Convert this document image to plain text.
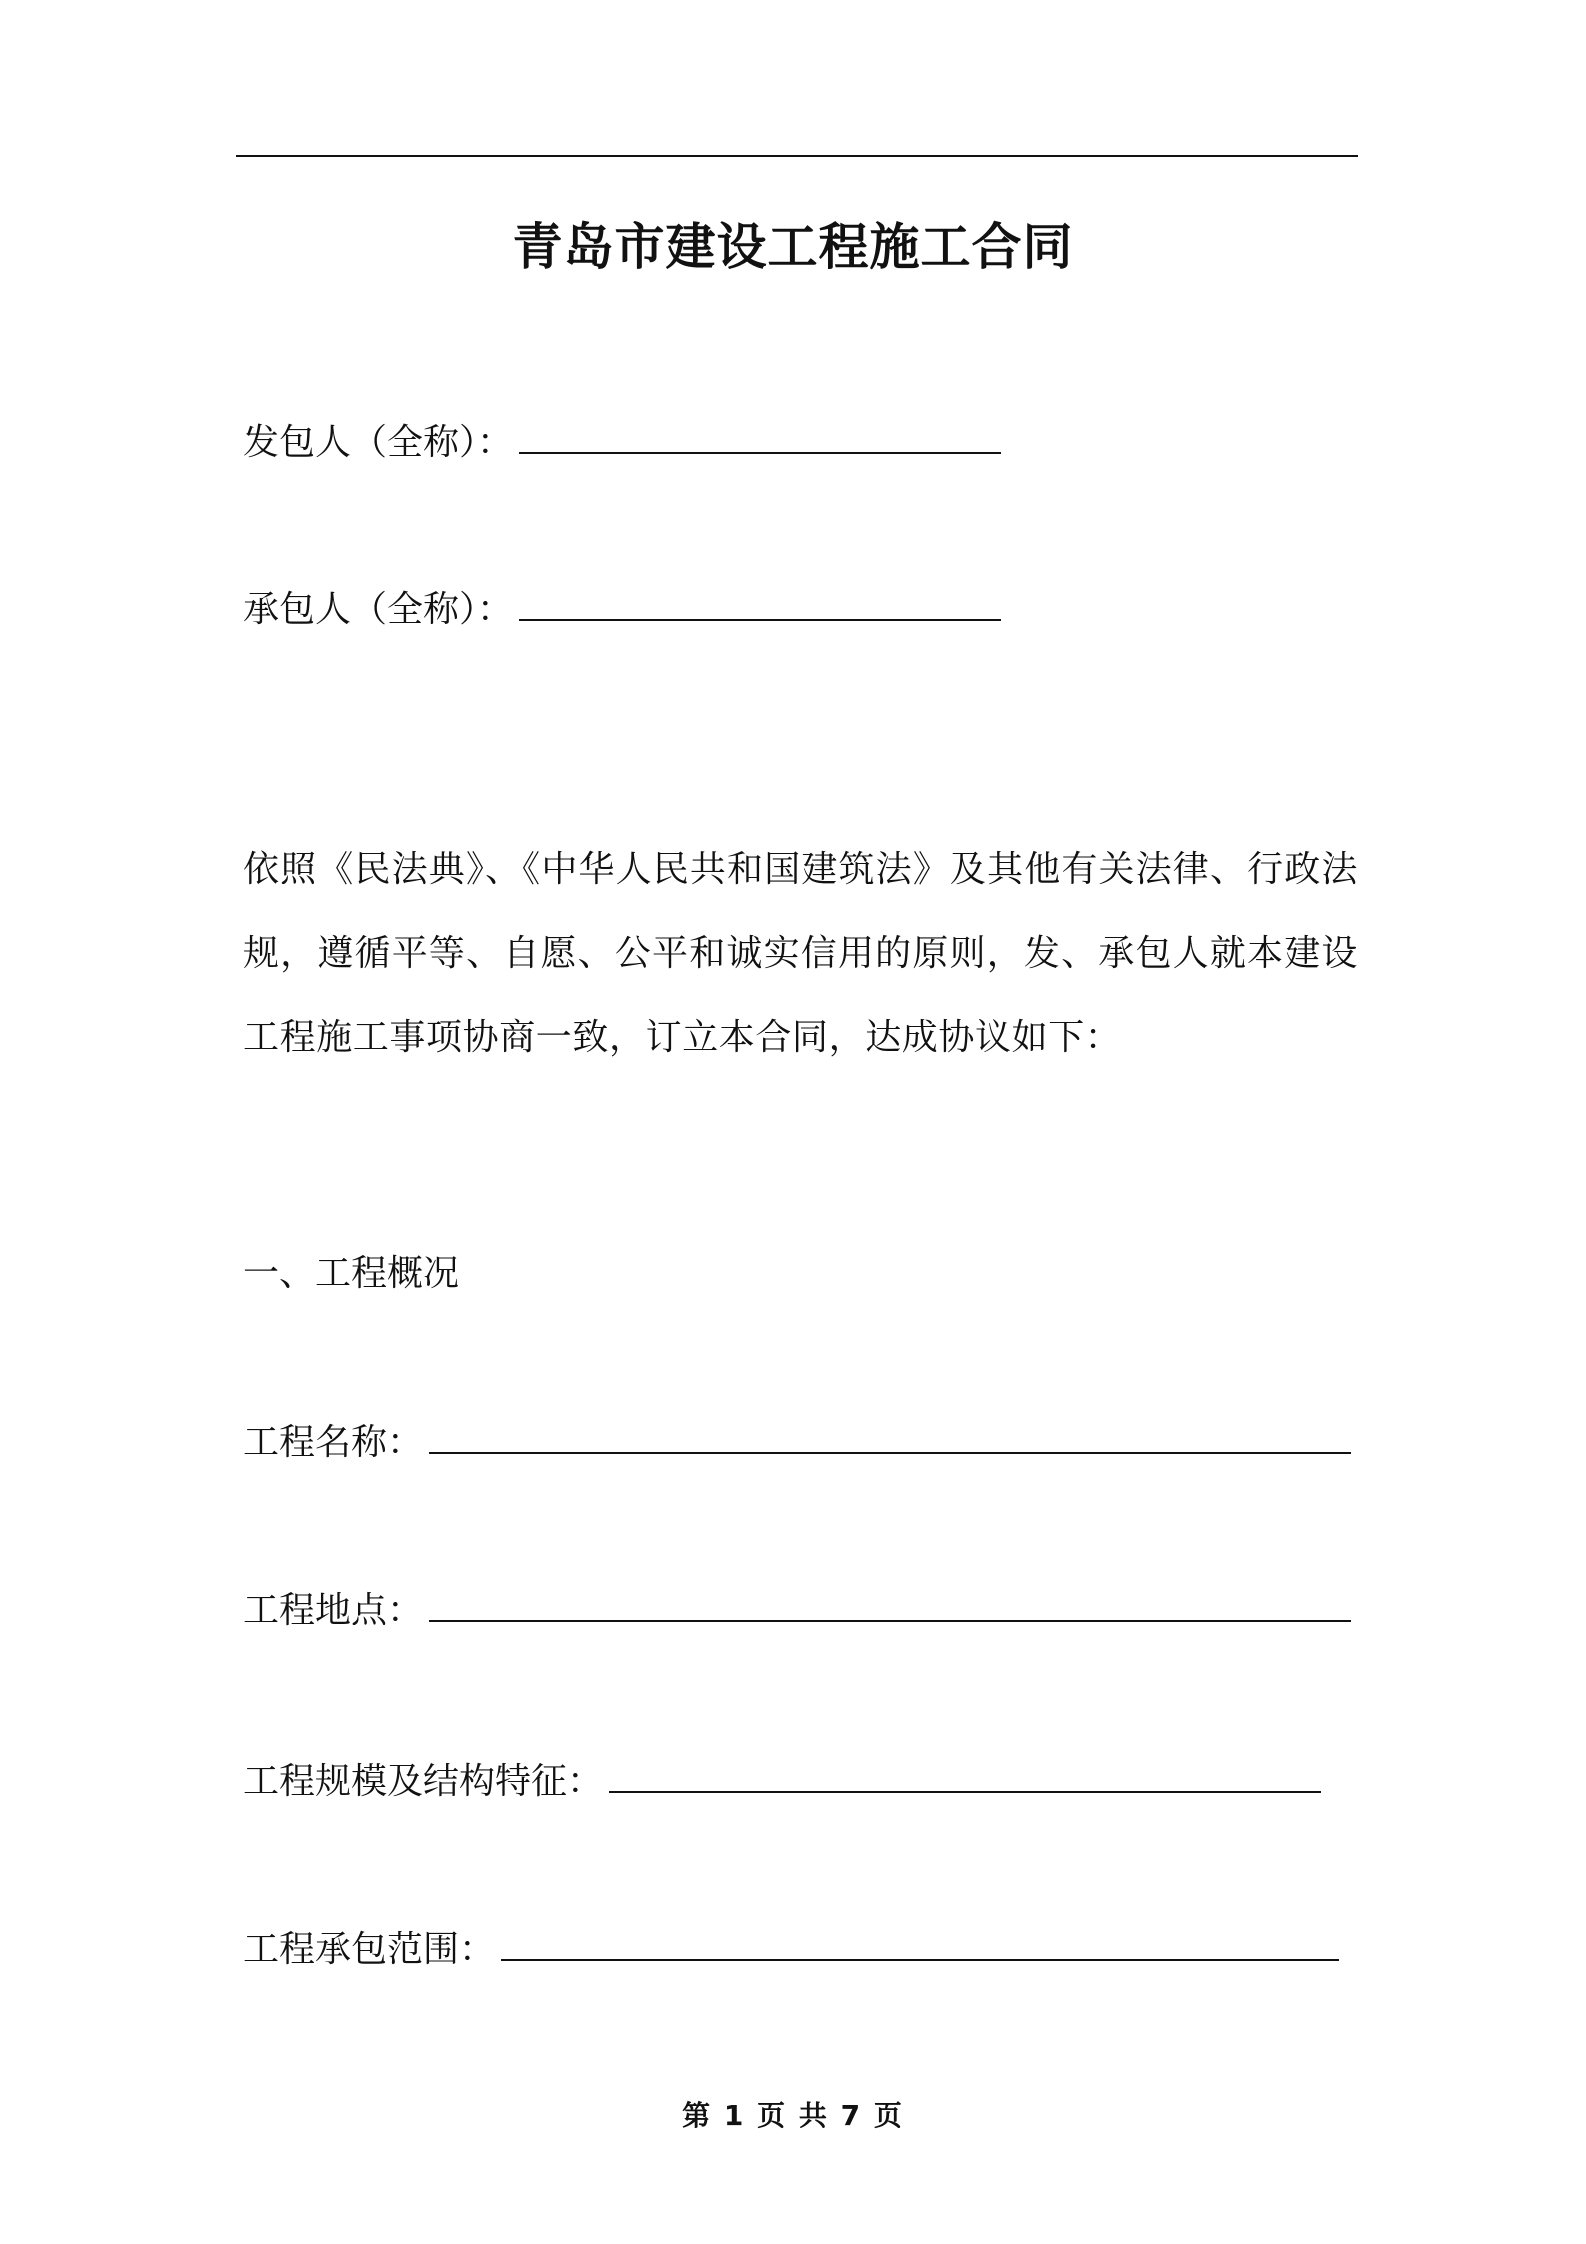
青岛市建设工程施工合同
发包人（全称）：
承包人（全称）：
依照《民法典》、《中华人民共和国建筑法》及其他有关法律、行政法规，遵循平等、自愿、公平和诚实信用的原则，发、承包人就本建设工程施工事项协商一致，订立本合同，达成协议如下：
一、工程概况
工程名称：
工程地点：
工程规模及结构特征：
工程承包范围：
第 1 页 共 7 页
